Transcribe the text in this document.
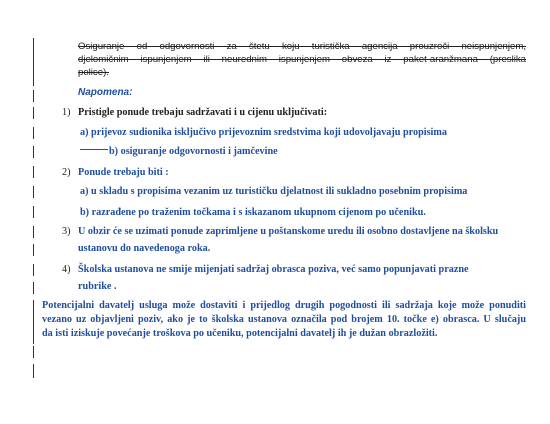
Osiguranje od odgovornosti za štetu koju turistička agencija prouzroči neispunjenjem,
djelomičnim ispunjenjem ili neurednim ispunjenjem obveza iz paket-aranžmana (preslika
police).
Napomena:
1) Pristigle ponude trebaju sadržavati i u cijenu uključivati:
a) prijevoz sudionika isključivo prijevoznim sredstvima koji udovoljavaju propisima
b) osiguranje odgovornosti i jamčevine
2) Ponude trebaju biti :
a) u skladu s propisima vezanim uz turističku djelatnost ili sukladno posebnim propisima
b) razrađene po traženim točkama i s iskazanom ukupnom cijenom po učeniku.
3) U obzir će se uzimati ponude zaprimljene u poštanskome uredu ili osobno dostavljene na školsku
ustanovu do navedenoga roka.
4) Školska ustanova ne smije mijenjati sadržaj obrasca poziva, već samo popunjavati prazne
rubrike .
Potencijalni davatelj usluga može dostaviti i prijedlog drugih pogodnosti ili sadržaja koje može ponuditi
vezano uz objavljeni poziv, ako je to školska ustanova označila pod brojem 10. točke e) obrasca. U slučaju
da isti iziskuje povećanje troškova po učeniku, potencijalni davatelj ih je dužan obrazložiti.
